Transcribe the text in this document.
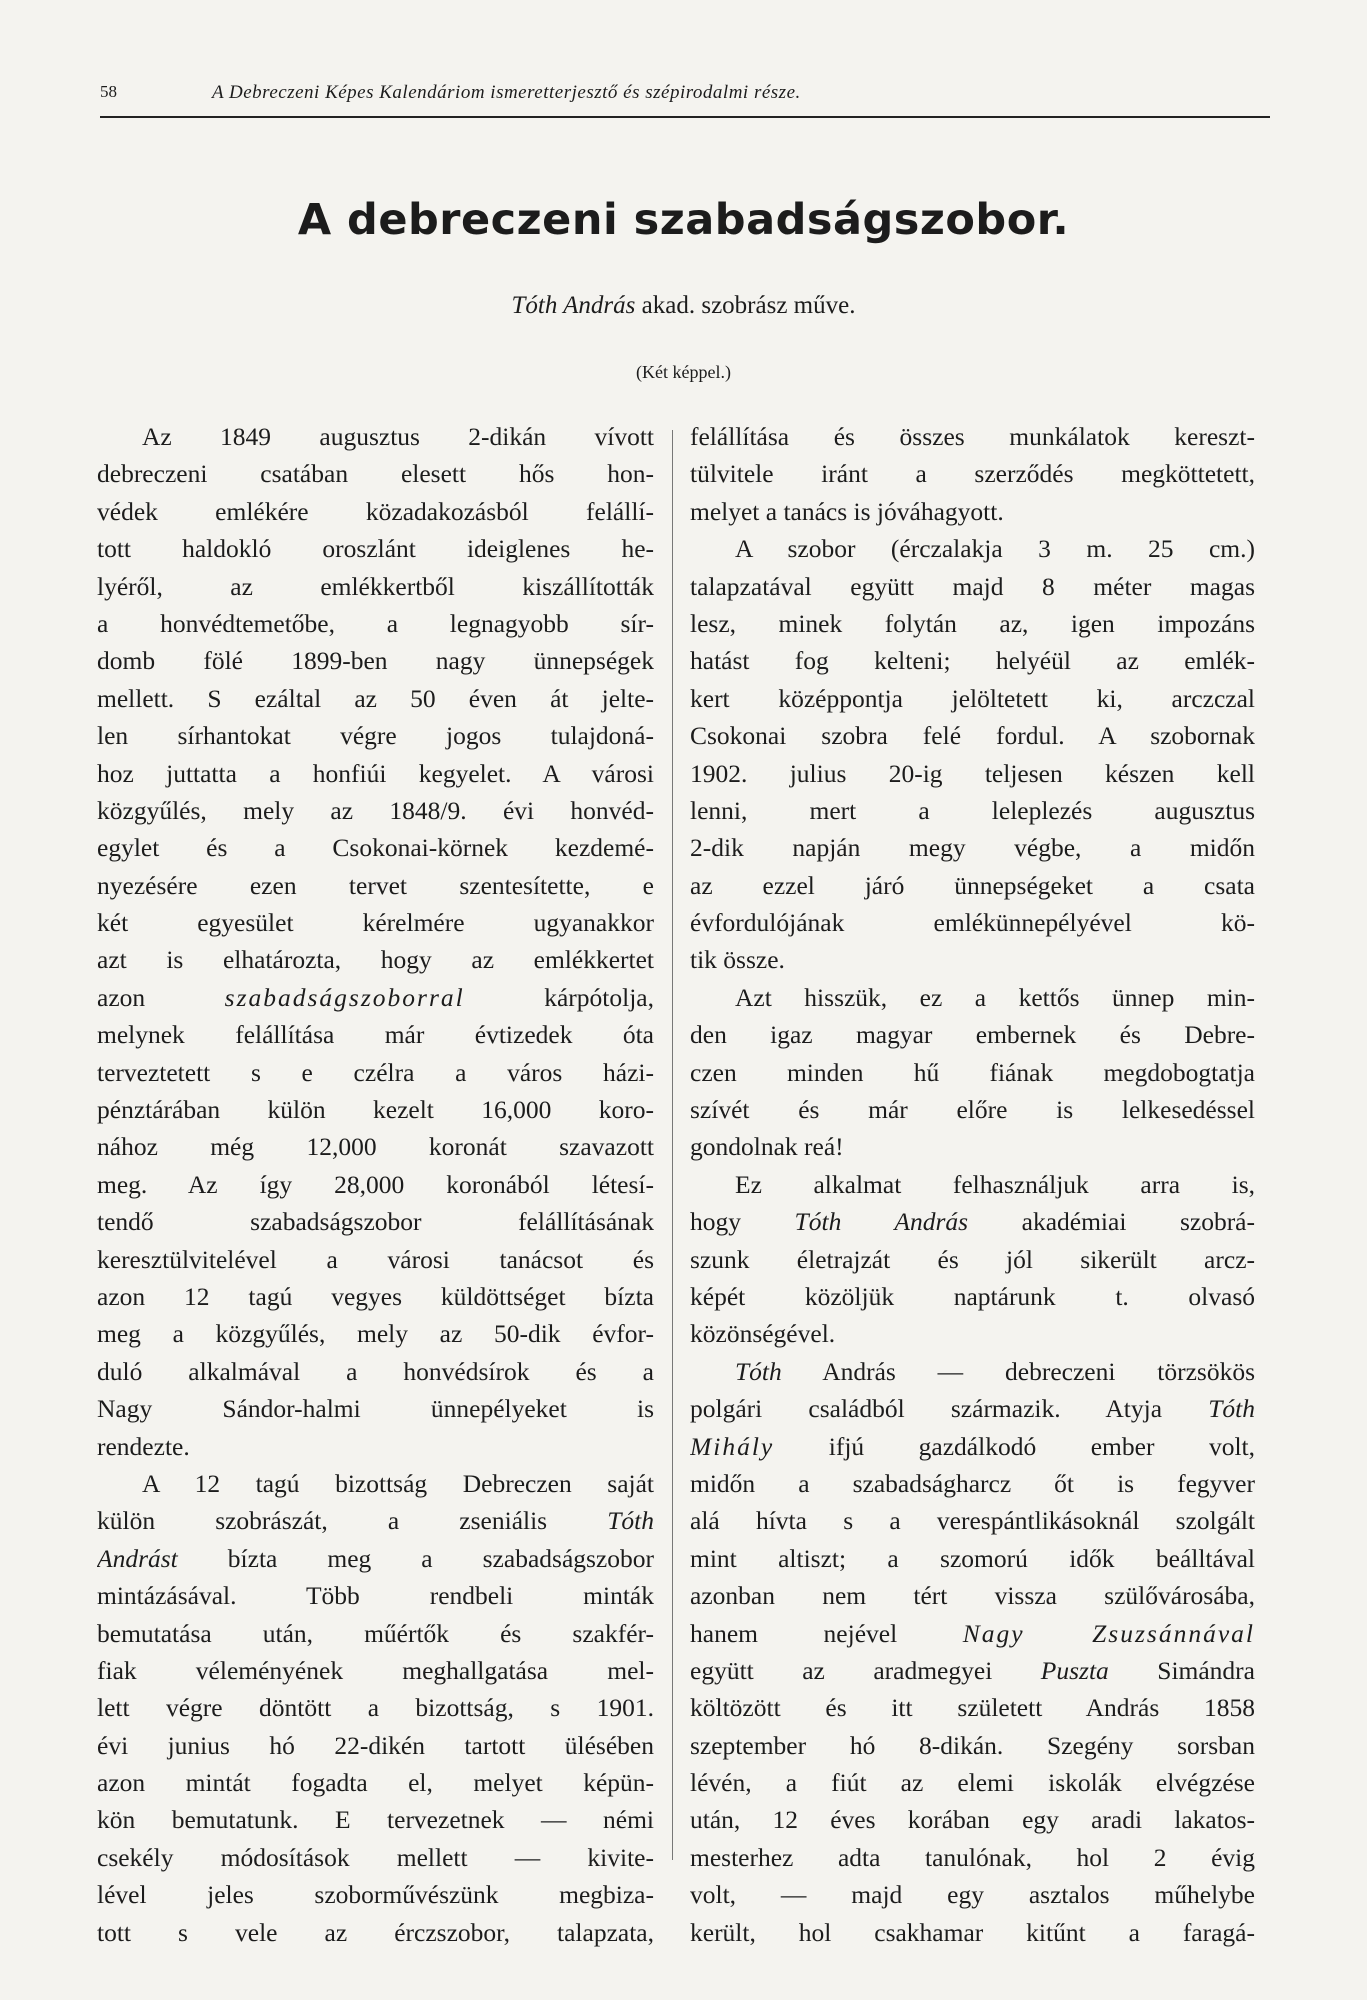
58	A Debreczeni Képes Kalendáriom ismeretterjesztő és szépirodalmi része.
A debreczeni szabadságszobor.
Tóth András akad. szobrász műve.
(Két képpel.)
Az 1849 augusztus 2-dikán vívott
debreczeni csatában elesett hős hon-
védek emlékére közadakozásból felállí-
tott haldokló oroszlánt ideiglenes he-
lyéről, az emlékkertből kiszállították
a honvédtemetőbe, a legnagyobb sír-
domb fölé 1899-ben nagy ünnepségek
mellett. S ezáltal az 50 éven át jelte-
len sírhantokat végre jogos tulajdoná-
hoz juttatta a honfiúi kegyelet. A városi
közgyűlés, mely az 1848/9. évi honvéd-
egylet és a Csokonai-körnek kezdemé-
nyezésére ezen tervet szentesítette, e
két egyesület kérelmére ugyanakkor
azt is elhatározta, hogy az emlékkertet
azon szabadságszoborral kárpótolja,
melynek felállítása már évtizedek óta
terveztetett s e czélra a város házi-
pénztárában külön kezelt 16,000 koro-
nához még 12,000 koronát szavazott
meg. Az így 28,000 koronából létesí-
tendő szabadságszobor felállításának
keresztülvitelével a városi tanácsot és
azon 12 tagú vegyes küldöttséget bízta
meg a közgyűlés, mely az 50-dik évfor-
duló alkalmával a honvédsírok és a
Nagy Sándor-halmi ünnepélyeket is
rendezte.
A 12 tagú bizottság Debreczen saját
külön szobrászát, a zseniális Tóth
Andrást bízta meg a szabadságszobor
mintázásával. Több rendbeli minták
bemutatása után, műértők és szakfér-
fiak véleményének meghallgatása mel-
lett végre döntött a bizottság, s 1901.
évi junius hó 22-dikén tartott ülésében
azon mintát fogadta el, melyet képün-
kön bemutatunk. E tervezetnek — némi
csekély módosítások mellett — kivite-
lével jeles szoborművészünk megbiza-
tott s vele az érczszobor, talapzata,
felállítása és összes munkálatok kereszt-
tülvitele iránt a szerződés megköttetett,
melyet a tanács is jóváhagyott.
A szobor (érczalakja 3 m. 25 cm.)
talapzatával együtt majd 8 méter magas
lesz, minek folytán az, igen impozáns
hatást fog kelteni; helyéül az emlék-
kert középpontja jelöltetett ki, arczczal
Csokonai szobra felé fordul. A szobornak
1902. julius 20-ig teljesen készen kell
lenni, mert a leleplezés augusztus
2-dik napján megy végbe, a midőn
az ezzel járó ünnepségeket a csata
évfordulójának emlékünnepélyével kö-
tik össze.
Azt hisszük, ez a kettős ünnep min-
den igaz magyar embernek és Debre-
czen minden hű fiának megdobogtatja
szívét és már előre is lelkesedéssel
gondolnak reá!
Ez alkalmat felhasználjuk arra is,
hogy Tóth András akadémiai szobrá-
szunk életrajzát és jól sikerült arcz-
képét közöljük naptárunk t. olvasó
közönségével.
Tóth András — debreczeni törzsökös
polgári családból származik. Atyja Tóth
Mihály ifjú gazdálkodó ember volt,
midőn a szabadságharcz őt is fegyver
alá hívta s a verespántlikásoknál szolgált
mint altiszt; a szomorú idők beálltával
azonban nem tért vissza szülővárosába,
hanem nejével Nagy Zsuzsánnával
együtt az aradmegyei Puszta Simándra
költözött és itt született András 1858
szeptember hó 8-dikán. Szegény sorsban
lévén, a fiút az elemi iskolák elvégzése
után, 12 éves korában egy aradi lakatos-
mesterhez adta tanulónak, hol 2 évig
volt, — majd egy asztalos műhelybe
került, hol csakhamar kitűnt a faragá-
